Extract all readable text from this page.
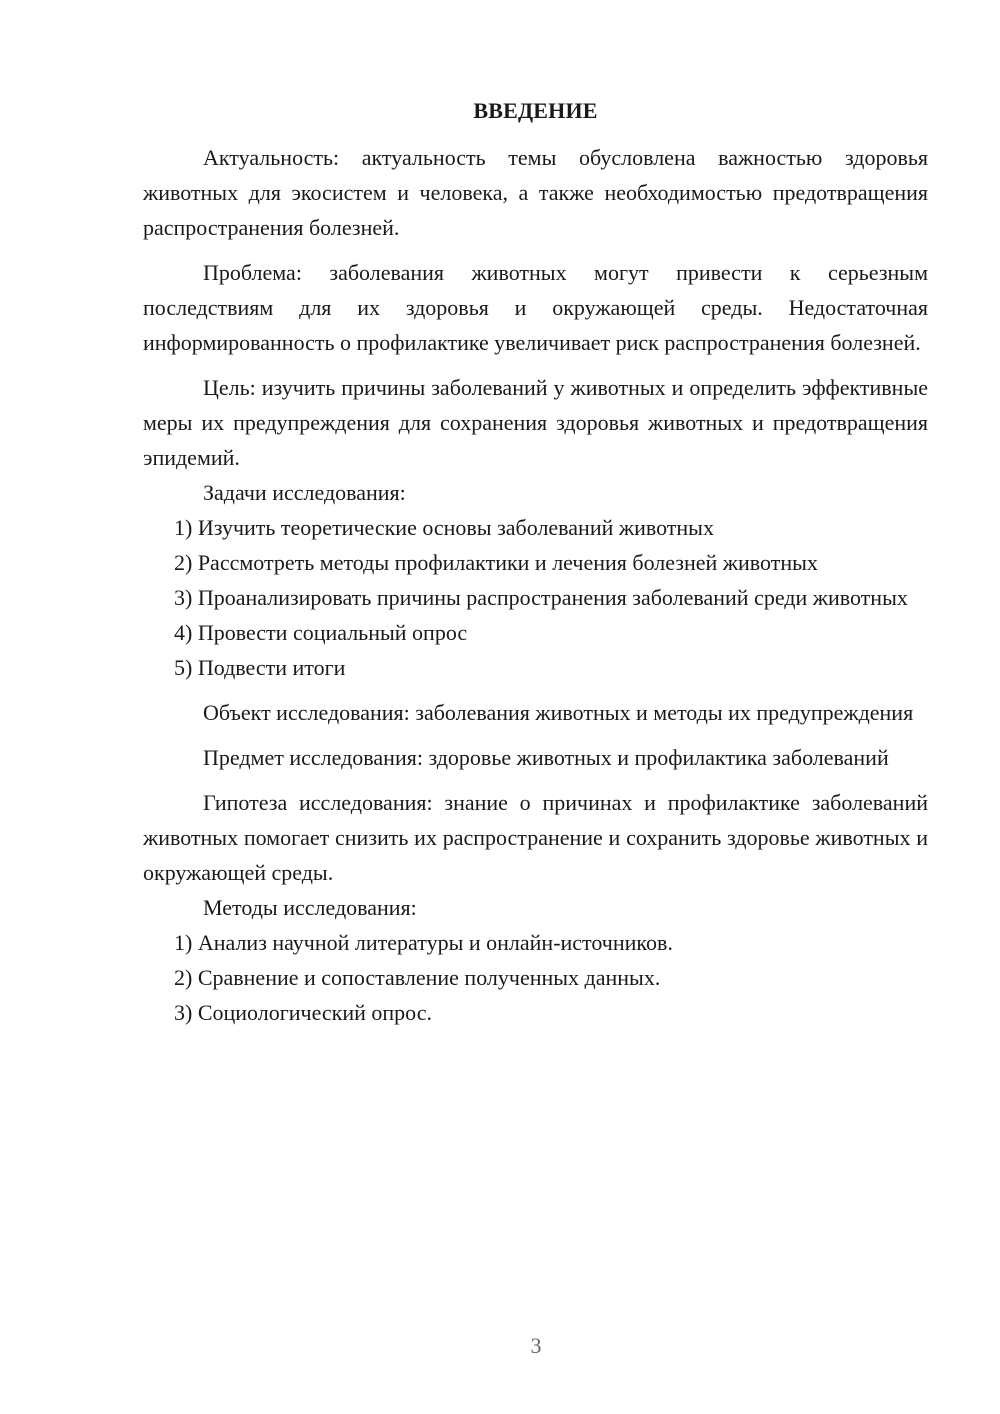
ВВЕДЕНИЕ

Актуальность: актуальность темы обусловлена важностью здоровья животных для экосистем и человека, а также необходимостью предотвращения распространения болезней.

Проблема: заболевания животных могут привести к серьезным последствиям для их здоровья и окружающей среды. Недостаточная информированность о профилактике увеличивает риск распространения болезней.

Цель: изучить причины заболеваний у животных и определить эффективные меры их предупреждения для сохранения здоровья животных и предотвращения эпидемий.

Задачи исследования:

1) Изучить теоретические основы заболеваний животных

2) Рассмотреть методы профилактики и лечения болезней животных

3) Проанализировать причины распространения заболеваний среди животных

4) Провести социальный опрос

5) Подвести итоги

Объект исследования: заболевания животных и методы их предупреждения

Предмет исследования: здоровье животных и профилактика заболеваний

Гипотеза исследования: знание о причинах и профилактике заболеваний животных помогает снизить их распространение и сохранить здоровье животных и окружающей среды.

Методы исследования:

1) Анализ научной литературы и онлайн-источников.

2) Сравнение и сопоставление полученных данных.

3) Социологический опрос.

3
